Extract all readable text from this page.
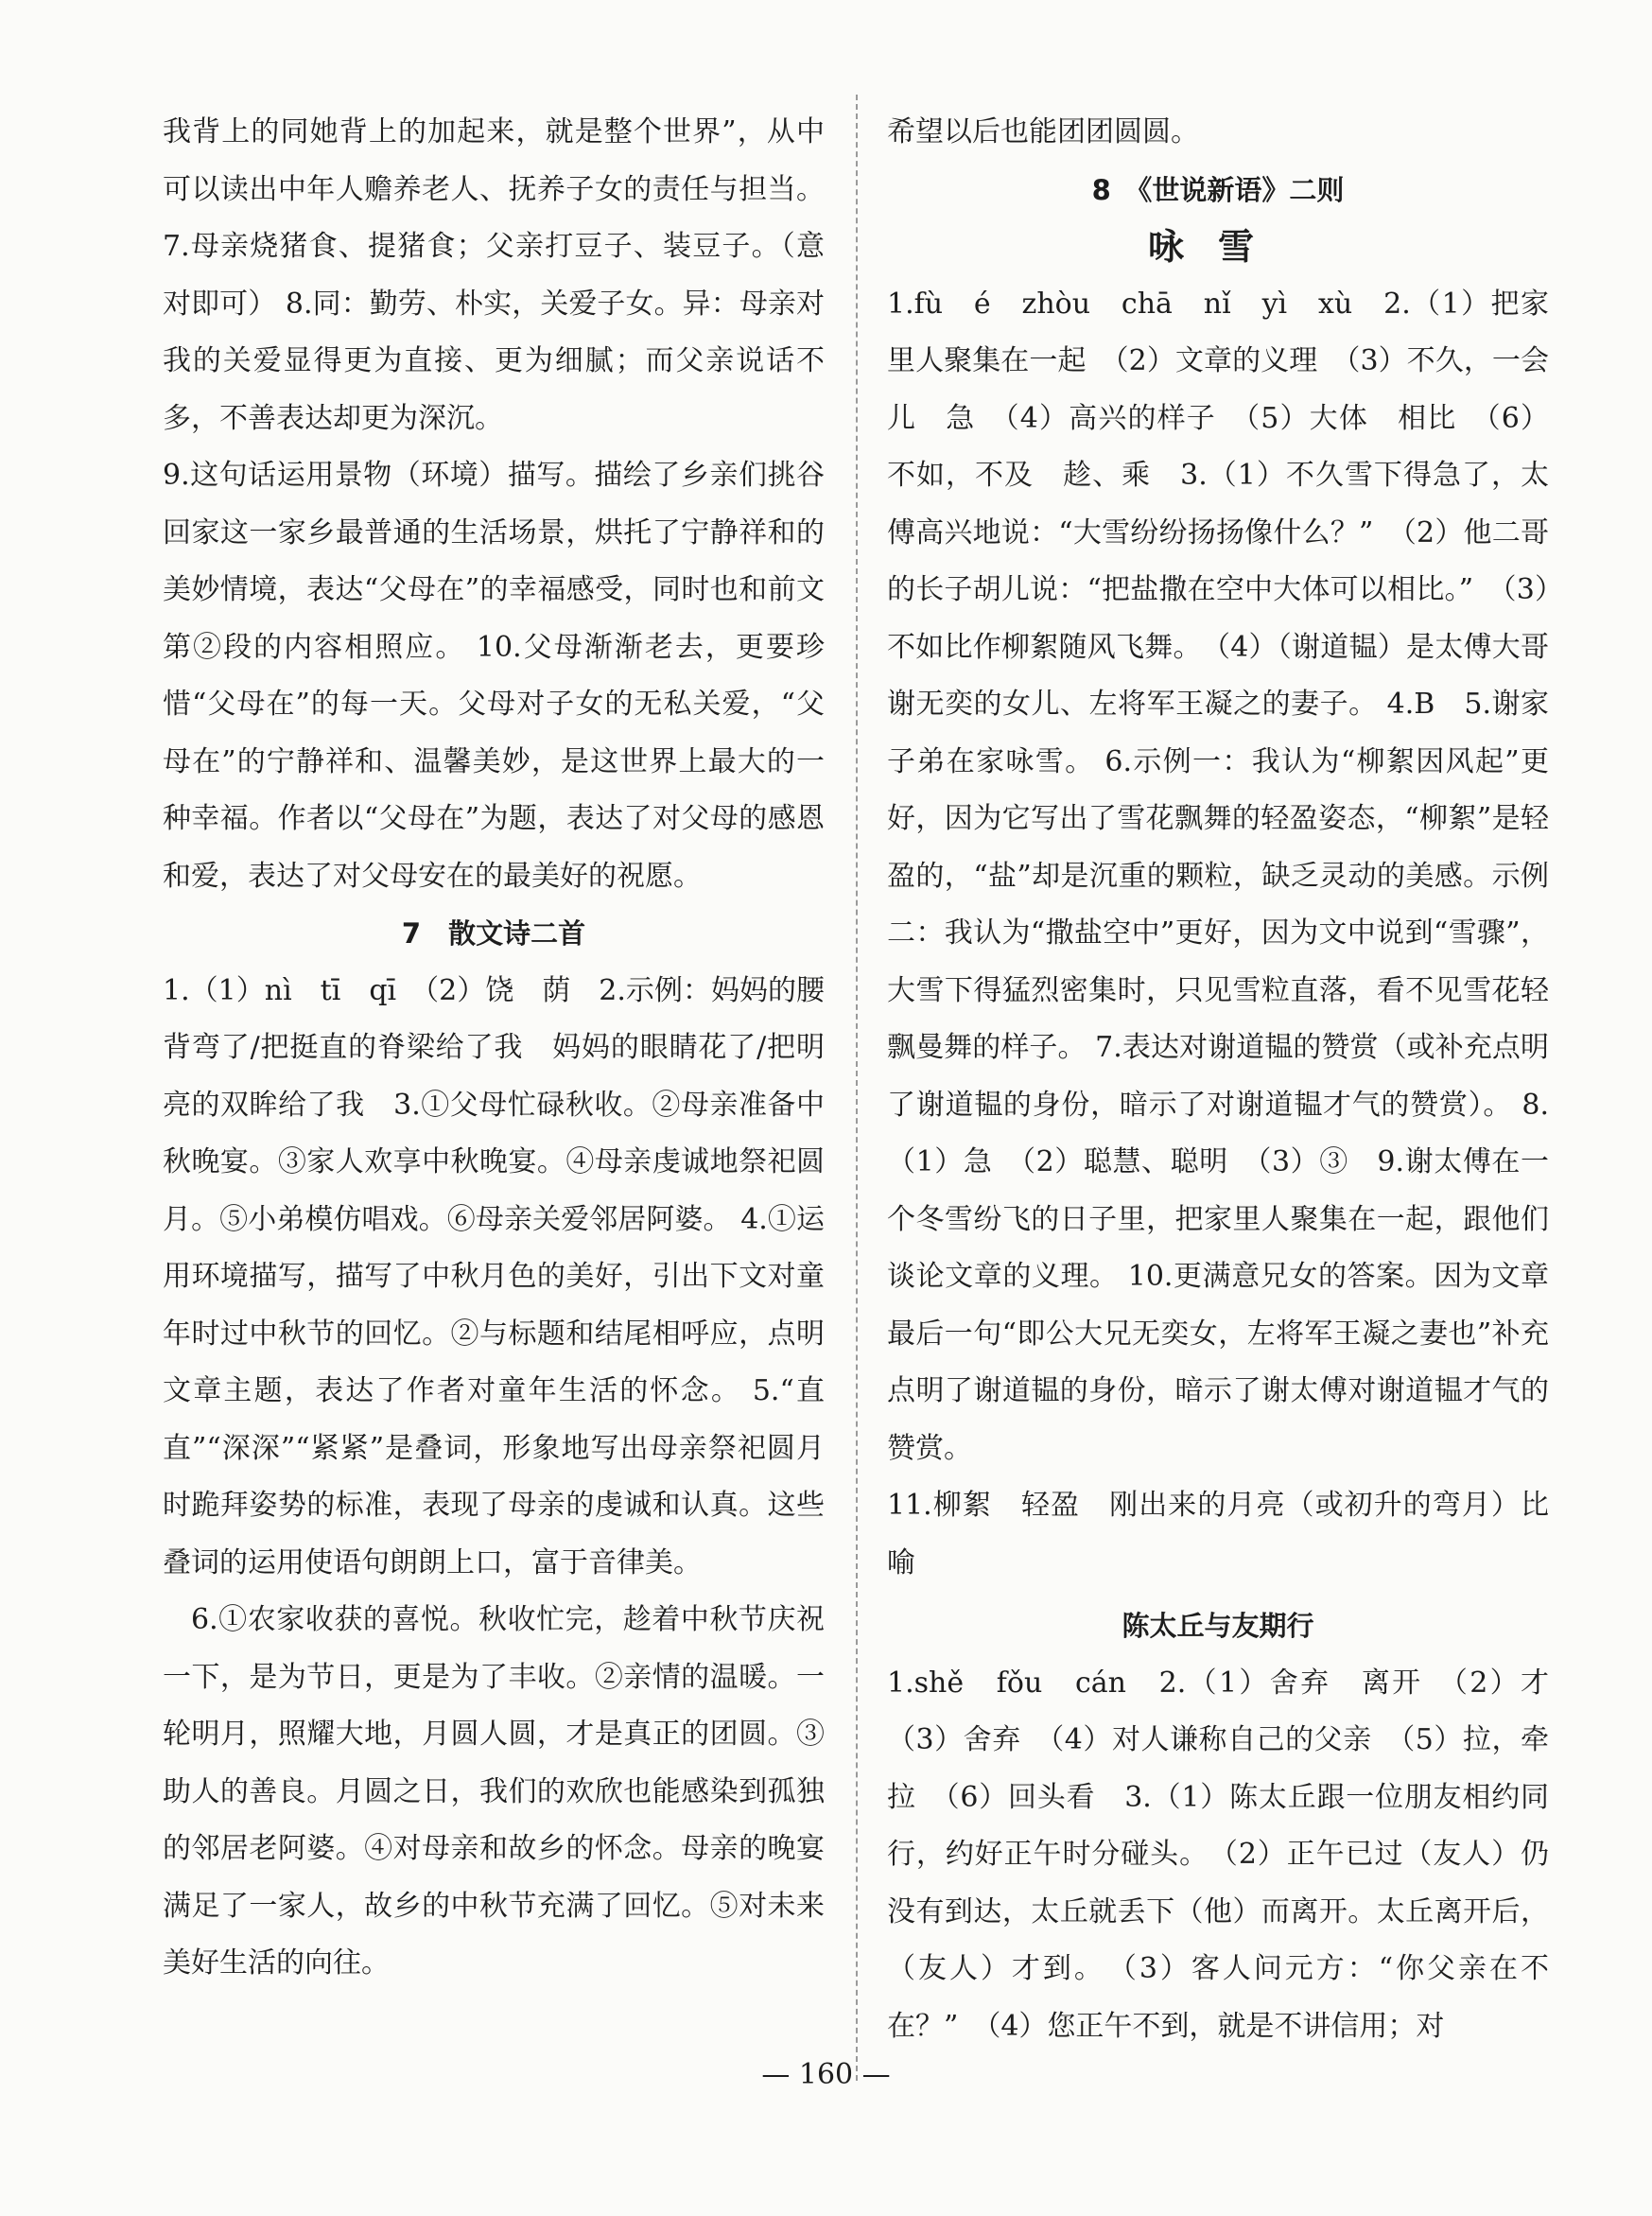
我背上的同她背上的加起来，就是整个世界”，从中可以读出中年人赡养老人、抚养子女的责任与担当。 7.母亲烧猪食、提猪食；父亲打豆子、装豆子。（意对即可） 8.同：勤劳、朴实，关爱子女。异：母亲对我的关爱显得更为直接、更为细腻；而父亲说话不多，不善表达却更为深沉。

9.这句话运用景物（环境）描写。描绘了乡亲们挑谷回家这一家乡最普通的生活场景，烘托了宁静祥和的美妙情境，表达“父母在”的幸福感受，同时也和前文第②段的内容相照应。 10.父母渐渐老去，更要珍惜“父母在”的每一天。父母对子女的无私关爱，“父母在”的宁静祥和、温馨美妙，是这世界上最大的一种幸福。作者以“父母在”为题，表达了对父母的感恩和爱，表达了对父母安在的最美好的祝愿。

7　散文诗二首

1.（1）nì　tī　qī　（2）饶　荫　2.示例：妈妈的腰背弯了/把挺直的脊梁给了我　妈妈的眼睛花了/把明亮的双眸给了我　3.①父母忙碌秋收。②母亲准备中秋晚宴。③家人欢享中秋晚宴。④母亲虔诚地祭祀圆月。⑤小弟模仿唱戏。⑥母亲关爱邻居阿婆。 4.①运用环境描写，描写了中秋月色的美好，引出下文对童年时过中秋节的回忆。②与标题和结尾相呼应，点明文章主题，表达了作者对童年生活的怀念。 5.“直直”“深深”“紧紧”是叠词，形象地写出母亲祭祀圆月时跪拜姿势的标准，表现了母亲的虔诚和认真。这些叠词的运用使语句朗朗上口，富于音律美。

6.①农家收获的喜悦。秋收忙完，趁着中秋节庆祝一下，是为节日，更是为了丰收。②亲情的温暖。一轮明月，照耀大地，月圆人圆，才是真正的团圆。③助人的善良。月圆之日，我们的欢欣也能感染到孤独的邻居老阿婆。④对母亲和故乡的怀念。母亲的晚宴满足了一家人，故乡的中秋节充满了回忆。⑤对未来美好生活的向往。

希望以后也能团团圆圆。

8　《世说新语》二则

咏雪

1.fù　é　zhòu　chā　nǐ　yì　xù　2.（1）把家里人聚集在一起　（2）文章的义理　（3）不久，一会儿　急　（4）高兴的样子　（5）大体　相比　（6）不如，不及　趁、乘　3.（1）不久雪下得急了，太傅高兴地说：“大雪纷纷扬扬像什么？”　（2）他二哥的长子胡儿说：“把盐撒在空中大体可以相比。”　（3）不如比作柳絮随风飞舞。　（4）（谢道韫）是太傅大哥谢无奕的女儿、左将军王凝之的妻子。 4.B　5.谢家子弟在家咏雪。 6.示例一：我认为“柳絮因风起”更好，因为它写出了雪花飘舞的轻盈姿态，“柳絮”是轻盈的，“盐”却是沉重的颗粒，缺乏灵动的美感。示例二：我认为“撒盐空中”更好，因为文中说到“雪骤”，大雪下得猛烈密集时，只见雪粒直落，看不见雪花轻飘曼舞的样子。 7.表达对谢道韫的赞赏（或补充点明了谢道韫的身份，暗示了对谢道韫才气的赞赏）。 8.（1）急　（2）聪慧、聪明　（3）③　9.谢太傅在一个冬雪纷飞的日子里，把家里人聚集在一起，跟他们谈论文章的义理。 10.更满意兄女的答案。因为文章最后一句“即公大兄无奕女，左将军王凝之妻也”补充点明了谢道韫的身份，暗示了谢太傅对谢道韫才气的赞赏。

11.柳絮　轻盈　刚出来的月亮（或初升的弯月）比喻

陈太丘与友期行

1.shě　fǒu　cán　2.（1）舍弃　离开　（2）才　（3）舍弃　（4）对人谦称自己的父亲　（5）拉，牵拉　（6）回头看　3.（1）陈太丘跟一位朋友相约同行，约好正午时分碰头。　（2）正午已过（友人）仍没有到达，太丘就丢下（他）而离开。太丘离开后，（友人）才到。　（3）客人问元方：“你父亲在不在？”　（4）您正午不到，就是不讲信用；对

— 160 —
